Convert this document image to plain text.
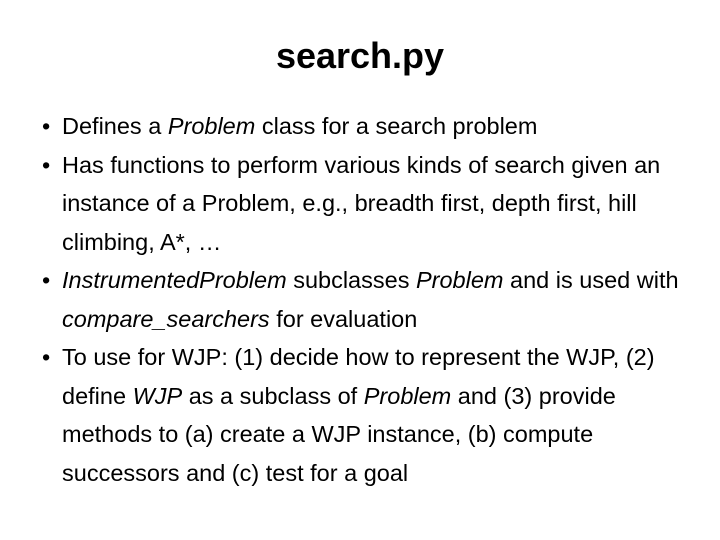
search.py
• Defines a Problem class for a search problem
• Has functions to perform various kinds of search given an instance of a Problem, e.g., breadth first, depth first, hill climbing, A*, …
• InstrumentedProblem subclasses Problem and is used with compare_searchers for evaluation
• To use for WJP: (1) decide how to represent the WJP, (2) define WJP as a subclass of Problem and (3) provide methods to (a) create a WJP instance, (b) compute successors and (c) test for a goal
